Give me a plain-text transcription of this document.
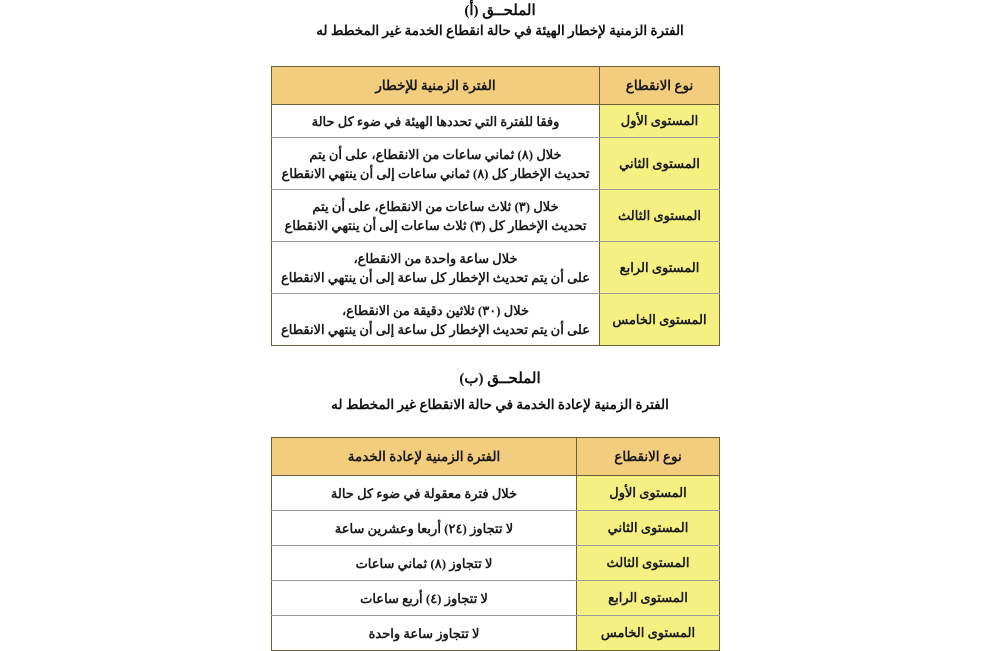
الملحــق (أ)
الفترة الزمنية لإخطار الهيئة في حالة انقطاع الخدمة غير المخطط له
نوع الانقطاع	الفترة الزمنية للإخطار
المستوى الأول	وفقا للفترة التي تحددها الهيئة في ضوء كل حالة

المستوى الثاني	خلال (٨) ثماني ساعات من الانقطاع، على أن يتم
تحديث الإخطار كل (٨) ثماني ساعات إلى أن ينتهي الانقطاع

المستوى الثالث	خلال (٣) ثلاث ساعات من الانقطاع، على أن يتم
تحديث الإخطار كل (٣) ثلاث ساعات إلى أن ينتهي الانقطاع

المستوى الرابع	خلال ساعة واحدة من الانقطاع،
على أن يتم تحديث الإخطار كل ساعة إلى أن ينتهي الانقطاع

المستوى الخامس	خلال (٣٠) ثلاثين دقيقة من الانقطاع،
على أن يتم تحديث الإخطار كل ساعة إلى أن ينتهي الانقطاع
الملحــق (ب)
الفترة الزمنية لإعادة الخدمة في حالة الانقطاع غير المخطط له
نوع الانقطاع	الفترة الزمنية لإعادة الخدمة
المستوى الأول	خلال فترة معقولة في ضوء كل حالة

المستوى الثاني	لا تتجاوز (٢٤) أربعا وعشرين ساعة

المستوى الثالث	لا تتجاوز (٨) ثماني ساعات

المستوى الرابع	لا تتجاوز (٤) أربع ساعات

المستوى الخامس	لا تتجاوز ساعة واحدة
